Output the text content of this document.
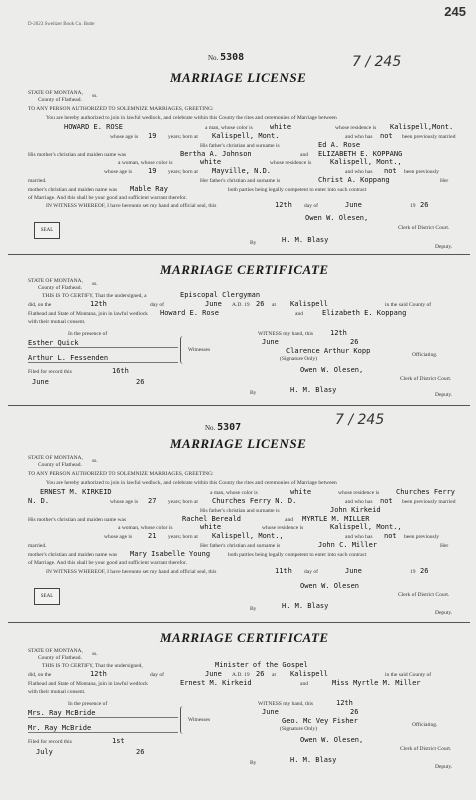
245
D-2023 Sweitzer Book Co. Butte
No. 5308	7 / 245
MARRIAGE LICENSE
STATE OF MONTANA,
County of Flathead.
ss.
TO ANY PERSON AUTHORIZED TO SOLEMNIZE MARRIAGES, GREETING:
You are hereby authorized to join in lawful wedlock, and celebrate within this County the rites and ceremonies of Marriage between
HOWARD E. ROSE	a man, whose color is white	whose residence is Kalispell,Mont.
whose age is 19 years; born at Kalispell, Mont.	and who has not been previously married
His father's christian and surname is	Ed A. Rose
His mother's christian and maiden name was	Bertha A. Johnson	and ELIZABETH E. KOPPANG
a woman, whose color is	white	whose residence is	Kalispell, Mont.,
whose age is 19 years; born at Mayville, N.D.	and who has not been previously
married.	Her father's christian and surname is	Christ A. Koppang	Her
mother's christian and maiden name was Mable Ray	both parties being legally competent to enter into such contract
of Marriage. And this shall be your good and sufficient warrant therefor.
IN WITNESS WHEREOF, I have hereunto set my hand and official seal, this	12th day of	June	19 26
SEAL
Owen W. Olesen,
Clerk of District Court.
By	H. M. Blasy
Deputy.
MARRIAGE CERTIFICATE
STATE OF MONTANA,
County of Flathead.
ss.
THIS IS TO CERTIFY, That the undersigned, a	Episcopal Clergyman
did, on the	12th	day of	June A.D. 19 26 at Kalispell	in the said County of
Flathead and State of Montana, join in lawful wedlock Howard E. Rose	and	Elizabeth E. Koppang
with their mutual consent.
In the presence of
Esther Quick
Arthur L. Fessenden
Witnesses
WITNESS my hand, this 12th
June	26
Clarence Arthur Kopp
(Signature Only)
Officiating.
Filed for record this	16th
June	26
Owen W. Olesen,
Clerk of District Court.
By	H. M. Blasy
Deputy.
No. 5307	7 / 245
MARRIAGE LICENSE
STATE OF MONTANA,
County of Flathead.
ss.
TO ANY PERSON AUTHORIZED TO SOLEMNIZE MARRIAGES, GREETING:
You are hereby authorized to join in lawful wedlock, and celebrate within this County the rites and ceremonies of Marriage between
ERNEST M. KIRKEID	a man, whose color is	white	whose residence is Churches Ferry
N. D.	whose age is 27 years; born at Churches Ferry N. D.	and who has not been previously married
His father's christian and surname is	John Kirkeid
His mother's christian and maiden name was	Rachel Bereald	and MYRTLE M. MILLER
a woman, whose color is	white	whose residence is	Kalispell, Mont.,
whose age is 21 years; born at Kalispell, Mont.,	and who has not been previously
married.	Her father's christian and surname is	John C. Miller	Her
mother's christian and maiden name was Mary Isabelle Young	both parties being legally competent to enter into such contract
of Marriage. And this shall be your good and sufficient warrant therefor.
IN WITNESS WHEREOF, I have hereunto set my hand and official seal, this	11th day of	June	19 26
SEAL
Owen W. Olesen
Clerk of District Court.
By	H. M. Blasy
Deputy.
MARRIAGE CERTIFICATE
STATE OF MONTANA,
County of Flathead.
ss.
THIS IS TO CERTIFY, That the undersigned,	Minister of the Gospel
did, on the	12th	day of	June A.D. 19 26 at Kalispell	in the said County of
Flathead and State of Montana, join in lawful wedlock	Ernest M. Kirkeid	and	Miss Myrtle M. Miller
with their mutual consent.
In the presence of
Mrs. Ray McBride
Mr. Ray McBride
Witnesses
WITNESS my hand, this	12th
June	26
Geo. Mc Vey Fisher
(Signature Only)
Officiating.
Filed for record this	1st
July	26
Owen W. Olesen,
Clerk of District Court.
By	H. M. Blasy
Deputy.
